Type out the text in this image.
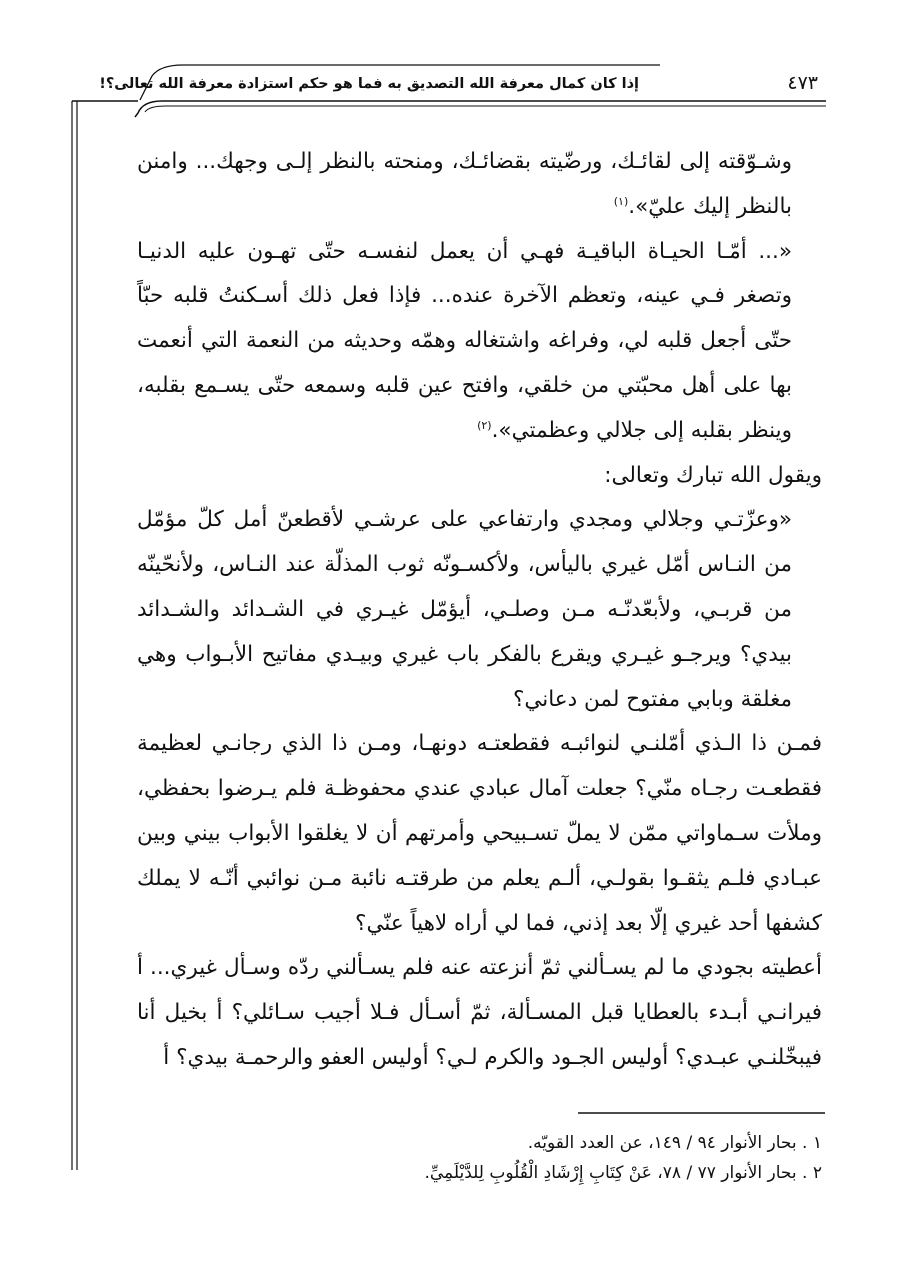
إذا كان كمال معرفة الله التصديق به فما هو حكم استزادة معرفة الله تعالى؟!	٤٧٣

وشـوّقته إلى لقائـك، ورضّيته بقضائـك، ومنحته بالنظر إلـى وجهك... وامنن بالنظر إليك عليّ».$^{(١)}$

«... أمّـا الحيـاة الباقيـة فهـي أن يعمل لنفسـه حتّى تهـون عليه الدنيـا وتصغر فـي عينه، وتعظم الآخرة عنده... فإذا فعل ذلك أسـكنتُ قلبه حبّاً حتّى أجعل قلبه لي، وفراغه واشتغاله وهمّه وحديثه من النعمة التي أنعمت بها على أهل محبّتي من خلقي، وافتح عين قلبه وسمعه حتّى يسـمع بقلبه، وينظر بقلبه إلى جلالي وعظمتي».$^{(٢)}$

ويقول الله تبارك وتعالى:

«وعزّتـي وجلالي ومجدي وارتفاعي على عرشـي لأقطعنّ أمل كلّ مؤمّل من النـاس أمّل غيري باليأس، ولأكسـونّه ثوب المذلّة عند النـاس، ولأنحّينّه من قربـي، ولأبعّدنّـه مـن وصلـي، أيؤمّل غيـري في الشـدائد والشـدائد بيدي؟ ويرجـو غيـري ويقرع بالفكر باب غيري وبيـدي مفاتيح الأبـواب وهي مغلقة وبابي مفتوح لمن دعاني؟

فمـن ذا الـذي أمّلنـي لنوائبـه فقطعتـه دونهـا، ومـن ذا الذي رجانـي لعظيمة فقطعـت رجـاه منّي؟ جعلت آمال عبادي عندي محفوظـة فلم يـرضوا بحفظي، وملأت سـماواتي ممّن لا يملّ تسـبيحي وأمرتهم أن لا يغلقوا الأبواب بيني وبين عبـادي فلـم يثقـوا بقولـي، ألـم يعلم من طرقتـه نائبة مـن نوائبي أنّـه لا يملك كشفها أحد غيري إلّا بعد إذني، فما لي أراه لاهياً عنّي؟

أعطيته بجودي ما لم يسـألني ثمّ أنزعته عنه فلم يسـألني ردّه وسـأل غيري... أ فيرانـي أبـدء بالعطايا قبل المسـألة، ثمّ أسـأل فـلا أجيب سـائلي؟ أ بخيل أنا فيبخّلنـي عبـدي؟ أوليس الجـود والكرم لـي؟ أوليس العفو والرحمـة بيدي؟ أ

١ . بحار الأنوار ٩٤ / ١٤٩، عن العدد القويّه.

٢ . بحار الأنوار ٧٧ / ٧٨، عَنْ كِتَابِ إِرْشَادِ الْقُلُوبِ لِلدَّيْلَمِيِّ.
